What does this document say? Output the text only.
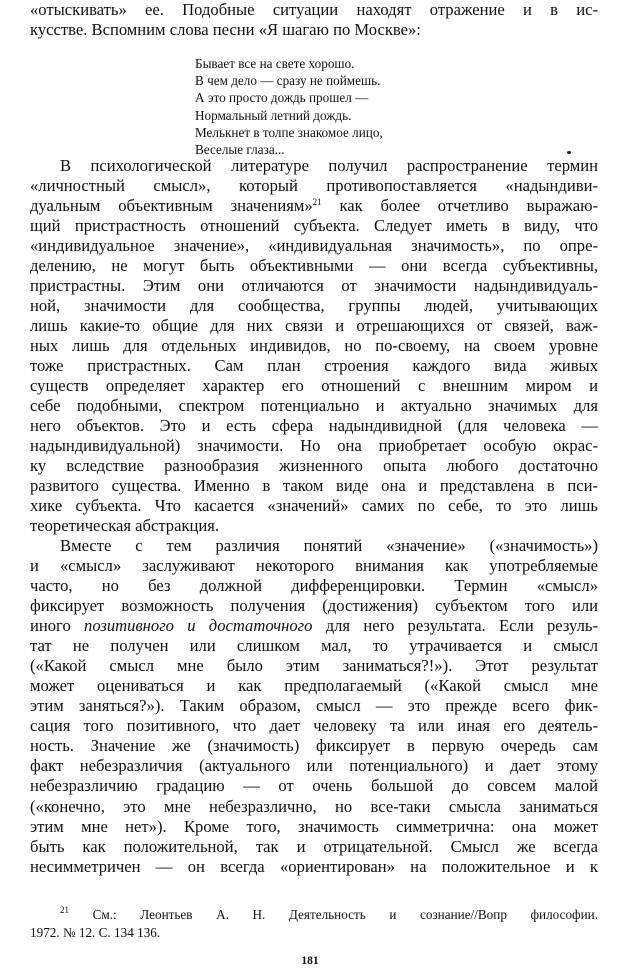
«отыскивать» ее. Подобные ситуации находят отражение и в ис-
кусстве. Вспомним слова песни «Я шагаю по Москве»:
Бывает все на свете хорошо.
В чем дело — сразу не поймешь.
А это просто дождь прошел —
Нормальный летний дождь.
Мелькнет в толпе знакомое лицо,
Веселые глаза...
В психологической литературе получил распространение термин
«личностный смысл», который противопоставляется «надындиви-
дуальным объективным значениям»$^{21}$ как более отчетливо выражаю-
щий пристрастность отношений субъекта. Следует иметь в виду, что
«индивидуальное значение», «индивидуальная значимость», по опре-
делению, не могут быть объективными — они всегда субъективны,
пристрастны. Этим они отличаются от значимости надындивидуаль-
ной, значимости для сообщества, группы людей, учитывающих
лишь какие-то общие для них связи и отрешающихся от связей, важ-
ных лишь для отдельных индивидов, но по-своему, на своем уровне
тоже пристрастных. Сам план строения каждого вида живых
существ определяет характер его отношений с внешним миром и
себе подобными, спектром потенциально и актуально значимых для
него объектов. Это и есть сфера надындивидной (для человека —
надындивидуальной) значимости. Но она приобретает особую окрас-
ку вследствие разнообразия жизненного опыта любого достаточно
развитого существа. Именно в таком виде она и представлена в пси-
хике субъекта. Что касается «значений» самих по себе, то это лишь
теоретическая абстракция.
Вместе с тем различия понятий «значение» («значимость»)
и «смысл» заслуживают некоторого внимания как употребляемые
часто, но без должной дифференцировки. Термин «смысл»
фиксирует возможность получения (достижения) субъектом того или
иного позитивного и достаточного для него результата. Если резуль-
тат не получен или слишком мал, то утрачивается и смысл
(«Какой смысл мне было этим заниматься?!»). Этот результат
может оцениваться и как предполагаемый («Какой смысл мне
этим заняться?»). Таким образом, смысл — это прежде всего фик-
сация того позитивного, что дает человеку та или иная его деятель-
ность. Значение же (значимость) фиксирует в первую очередь сам
факт небезразличия (актуального или потенциального) и дает этому
небезразличию градацию — от очень большой до совсем малой
(«конечно, это мне небезразлично, но все-таки смысла заниматься
этим мне нет»). Кроме того, значимость симметрична: она может
быть как положительной, так и отрицательной. Смысл же всегда
несимметричен — он всегда «ориентирован» на положительное и к
$^{21}$ См.: Леонтьев А. Н. Деятельность и сознание//Вопр философии.
1972. № 12. С. 134 136.
181
